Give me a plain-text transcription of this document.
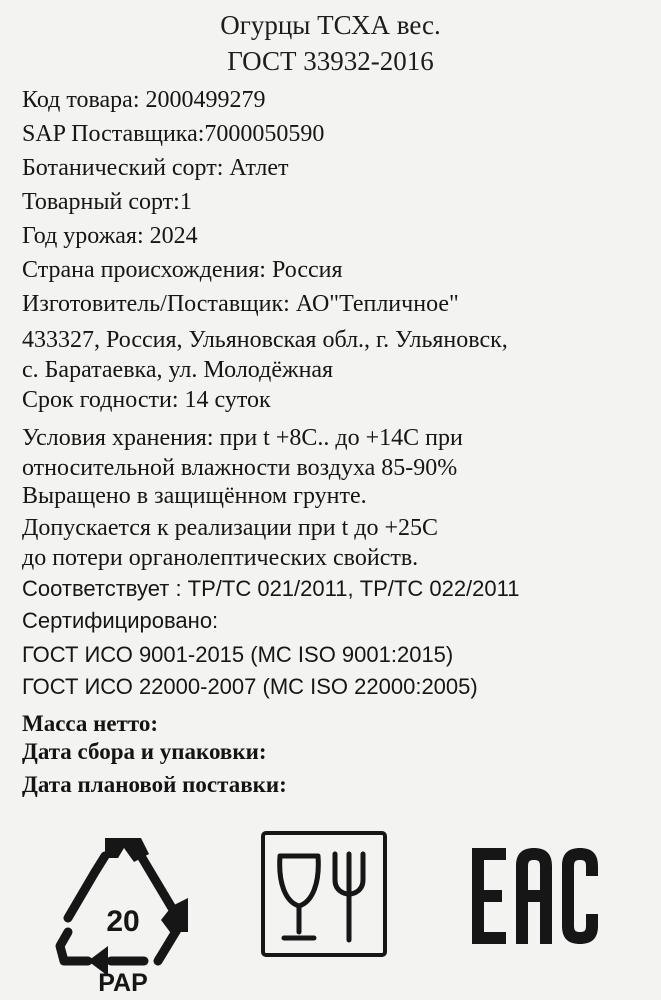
Огурцы ТСХА вес.
ГОСТ 33932-2016
Код товара: 2000499279
SAP Поставщика:7000050590
Ботанический сорт: Атлет
Товарный сорт:1
Год урожая: 2024
Страна происхождения: Россия
Изготовитель/Поставщик: АО"Тепличное"
433327, Россия, Ульяновская обл., г. Ульяновск,
с. Баратаевка, ул. Молодёжная
Срок годности: 14 суток
Условия хранения: при t +8С.. до +14С при
относительной влажности воздуха 85-90%
Выращено в защищённом грунте.
Допускается к реализации при t до +25С
до потери органолептических свойств.
Соответствует : ТР/ТС 021/2011, ТР/ТС 022/2011
Сертифицировано:
ГОСТ ИСО 9001-2015 (МС ISO 9001:2015)
ГОСТ ИСО 22000-2007 (МС ISO 22000:2005)
Масса нетто:
Дата сбора и упаковки:
Дата плановой поставки:
20
PAP
